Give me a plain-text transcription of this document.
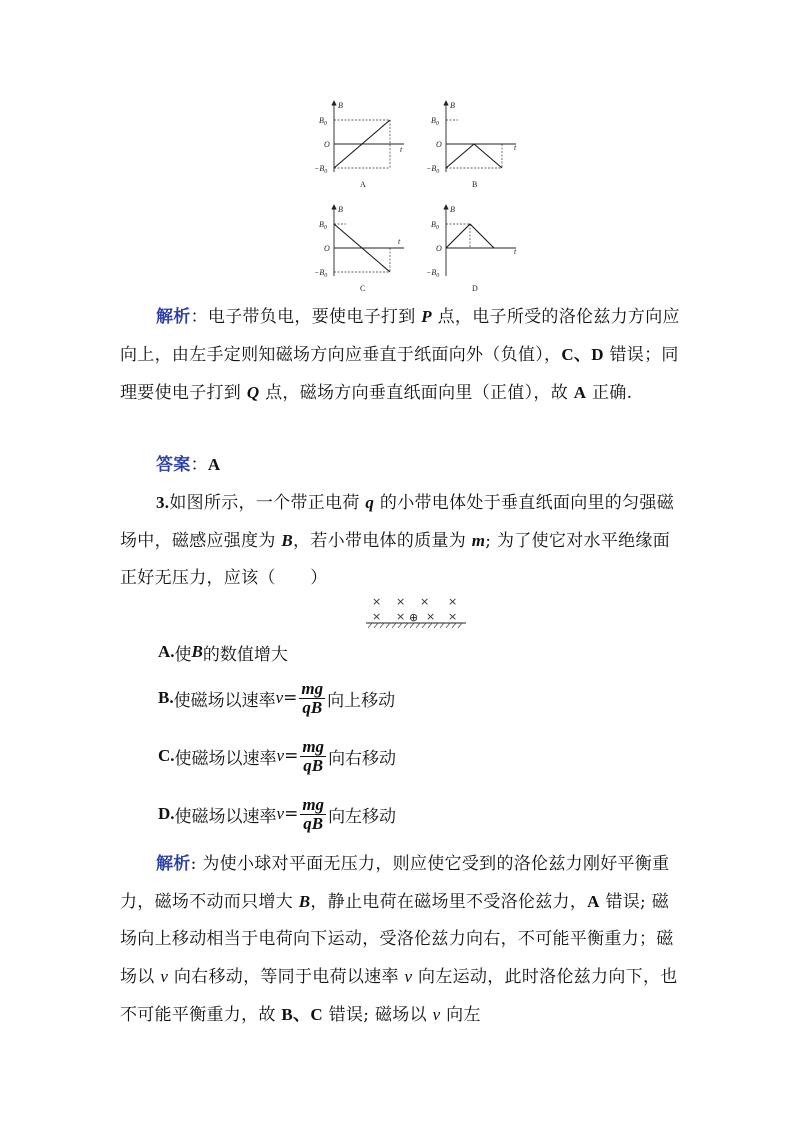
B
t
$B_0$
O
$-B_0$
A
B
t
$B_0$
O
$-B_0$
B
B
t
$B_0$
O
$-B_0$
C
B
t
$B_0$
O
$-B_0$
D
解析：电子带负电，要使电子打到 P 点，电子所受的洛伦兹力方向应向上，由左手定则知磁场方向应垂直于纸面向外（负值），C、D 错误；同理要使电子打到 Q 点，磁场方向垂直纸面向里（正值），故 A 正确.
答案：A
3.如图所示，一个带正电荷 q 的小带电体处于垂直纸面向里的匀强磁场中，磁感应强度为 B，若小带电体的质量为 m; 为了使它对水平绝缘面正好无压力，应该（　　）
× × × ×
× × × ×
⊕
A. 使 B 的数值增大
B. 使磁场以速率 $v = \frac{mg}{qB}$ 向上移动
C. 使磁场以速率 $v = \frac{mg}{qB}$ 向右移动
D. 使磁场以速率 $v = \frac{mg}{qB}$ 向左移动
解析: 为使小球对平面无压力，则应使它受到的洛伦兹力刚好平衡重力，磁场不动而只增大 B，静止电荷在磁场里不受洛伦兹力，A 错误; 磁场向上移动相当于电荷向下运动，受洛伦兹力向右，不可能平衡重力；磁场以 v 向右移动，等同于电荷以速率 v 向左运动，此时洛伦兹力向下，也不可能平衡重力，故 B、C 错误; 磁场以 v 向左
